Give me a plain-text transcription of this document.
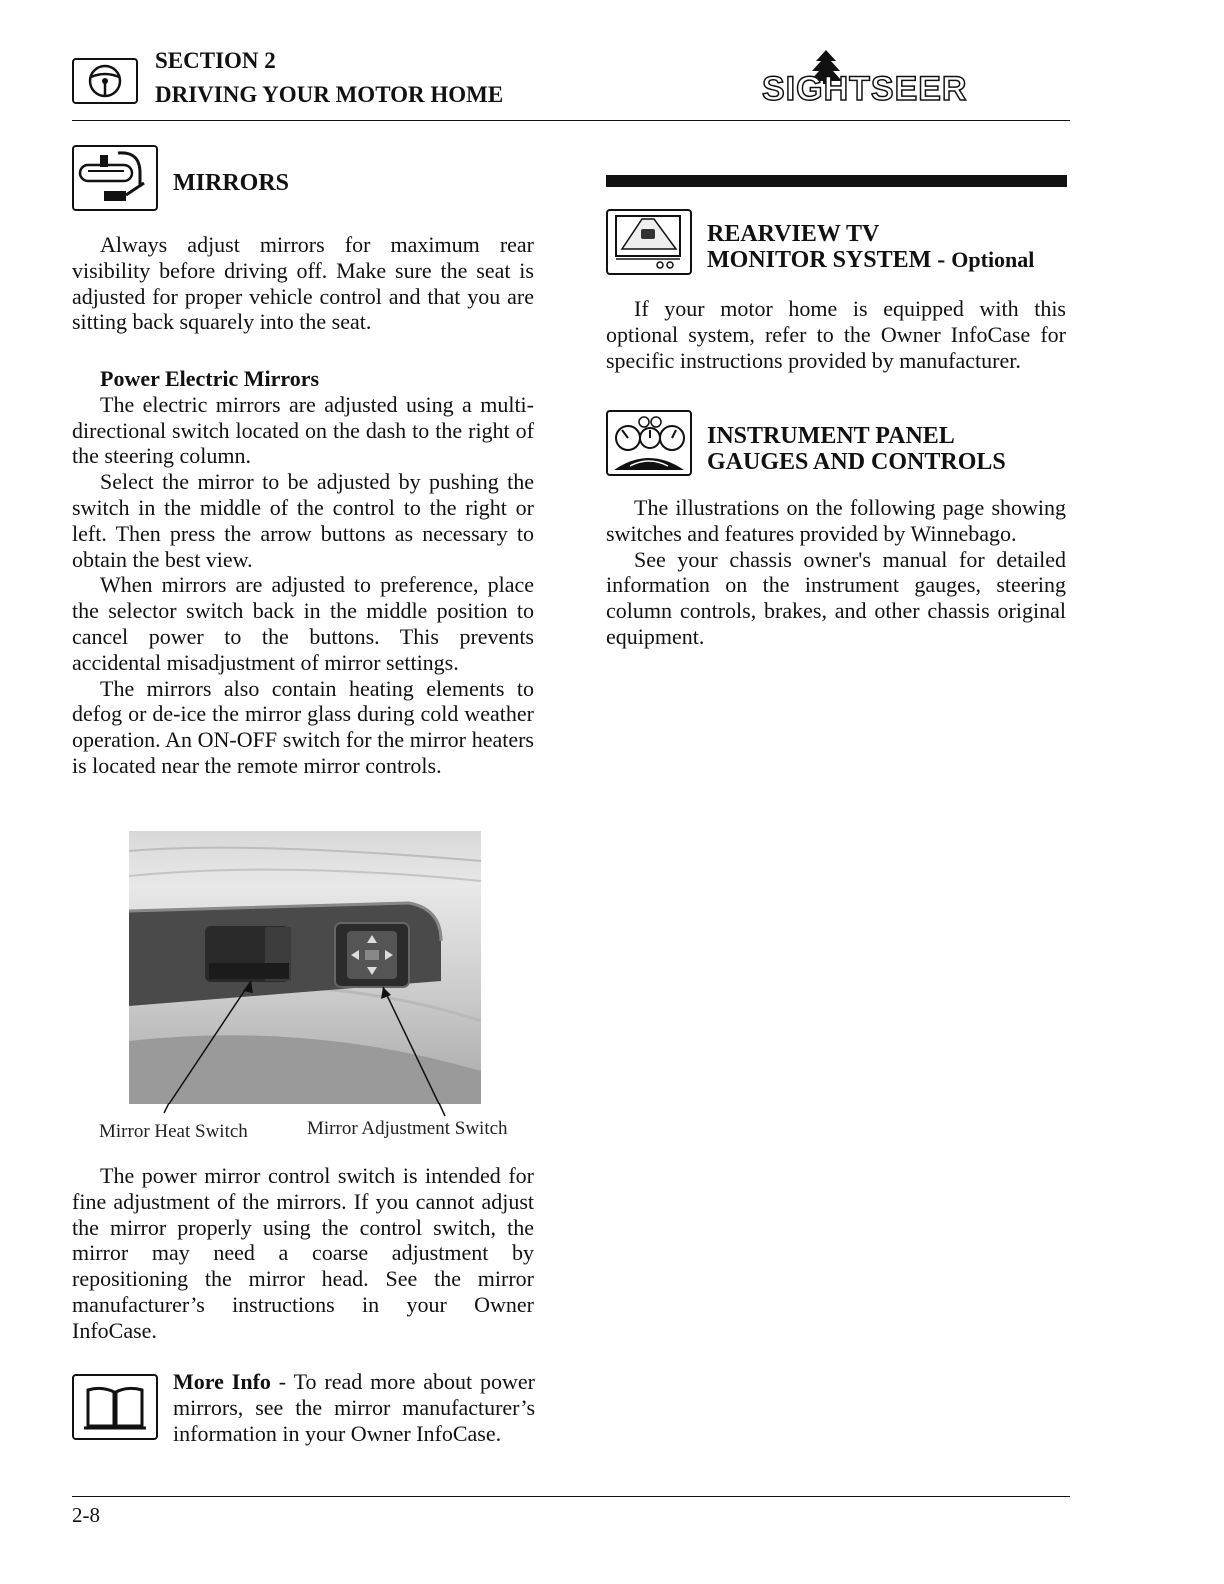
SECTION 2
DRIVING YOUR MOTOR HOME	SIGHTSEER
MIRRORS

Always adjust mirrors for maximum rear visibility before driving off. Make sure the seat is adjusted for proper vehicle control and that you are sitting back squarely into the seat.

Power Electric Mirrors

The electric mirrors are adjusted using a multi-directional switch located on the dash to the right of the steering column.

Select the mirror to be adjusted by pushing the switch in the middle of the control to the right or left. Then press the arrow buttons as necessary to obtain the best view.

When mirrors are adjusted to preference, place the selector switch back in the middle position to cancel power to the buttons. This prevents accidental misadjustment of mirror settings.

The mirrors also contain heating elements to defog or de-ice the mirror glass during cold weather operation. An ON-OFF switch for the mirror heaters is located near the remote mirror controls.

Mirror Heat Switch	Mirror Adjustment Switch

The power mirror control switch is intended for fine adjustment of the mirrors. If you cannot adjust the mirror properly using the control switch, the mirror may need a coarse adjustment by repositioning the mirror head. See the mirror manufacturer’s instructions in your Owner InfoCase.

More Info - To read more about power mirrors, see the mirror manufacturer’s information in your Owner InfoCase.

REARVIEW TV
MONITOR SYSTEM - Optional

If your motor home is equipped with this optional system, refer to the Owner InfoCase for specific instructions provided by manufacturer.

INSTRUMENT PANEL
GAUGES AND CONTROLS

The illustrations on the following page showing switches and features provided by Winnebago.

See your chassis owner's manual for detailed information on the instrument gauges, steering column controls, brakes, and other chassis original equipment.

2-8
